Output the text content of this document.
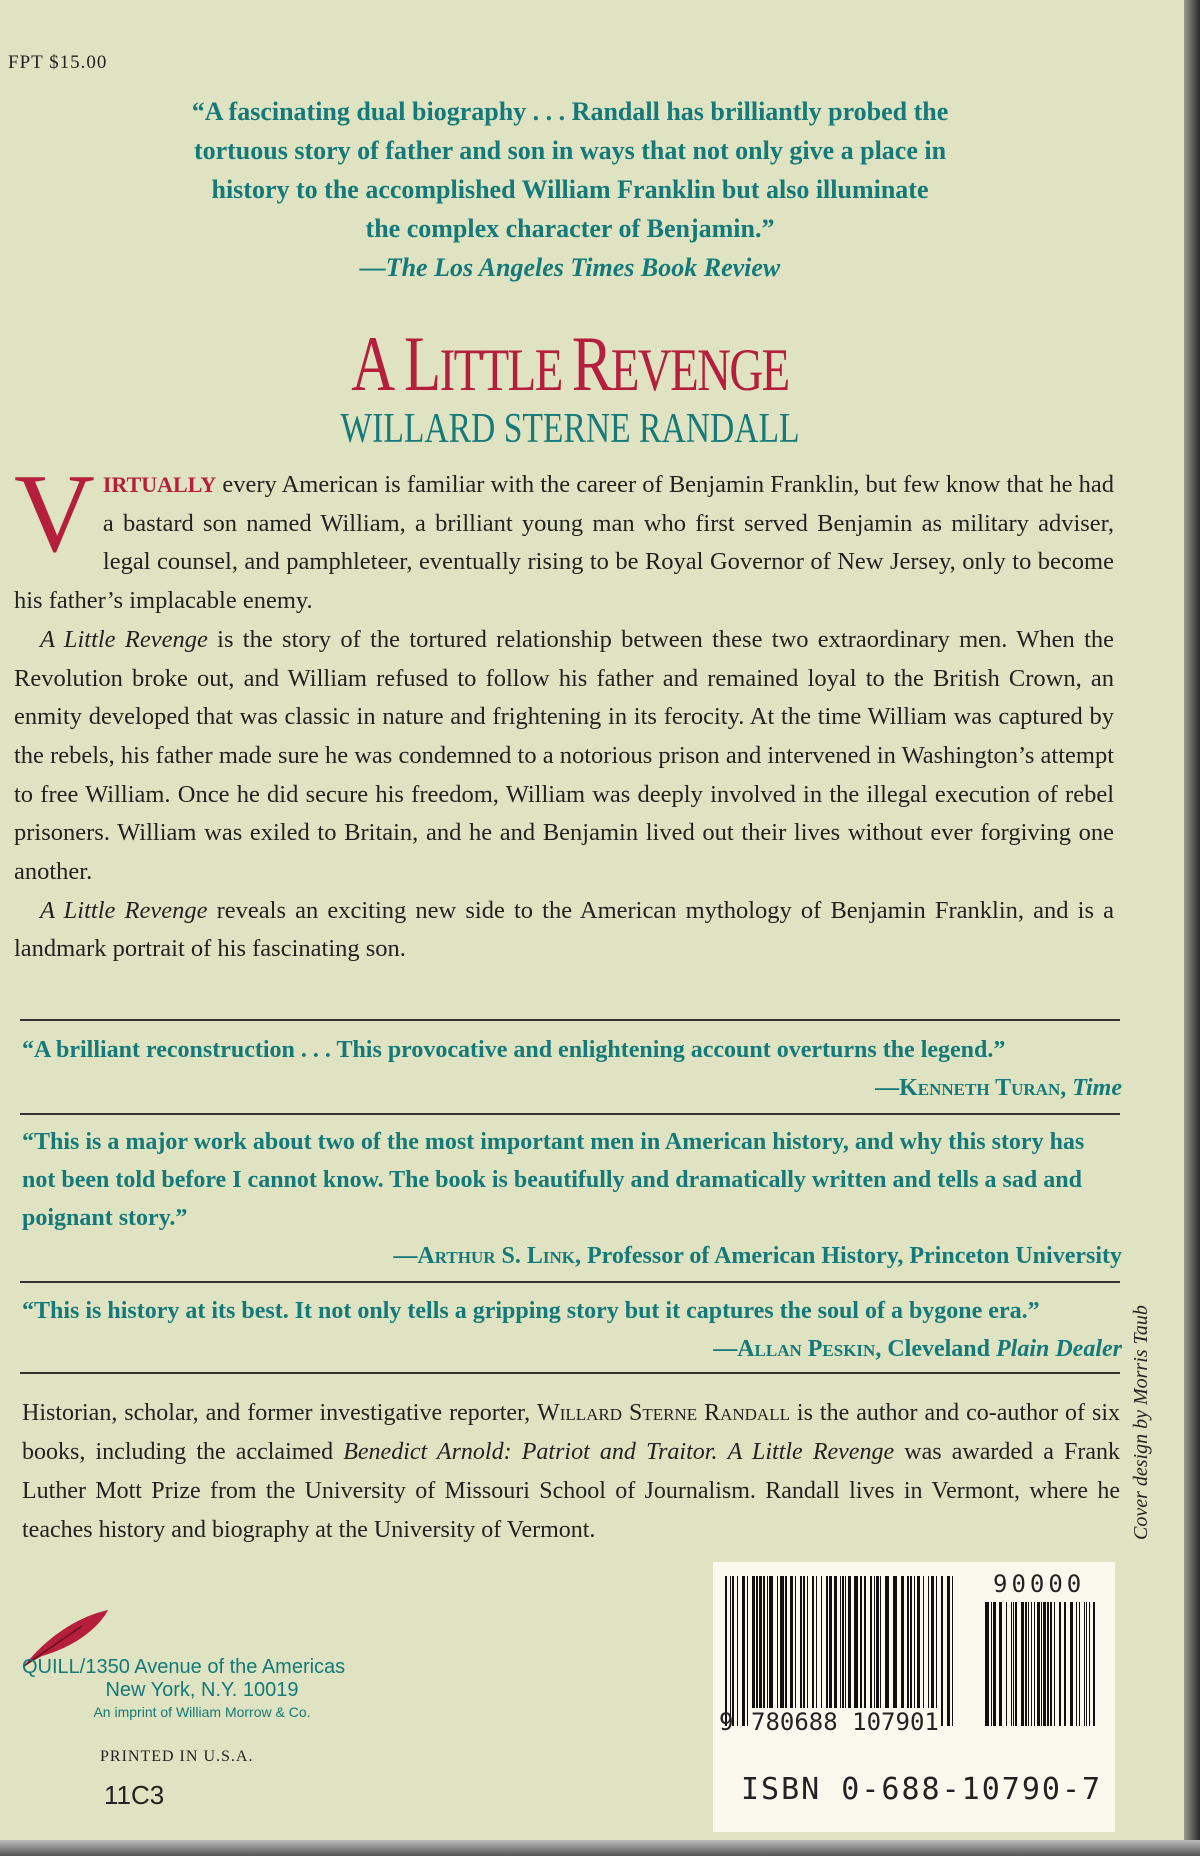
FPT $15.00
“A fascinating dual biography . . . Randall has brilliantly probed the
tortuous story of father and son in ways that not only give a place in
history to the accomplished William Franklin but also illuminate
the complex character of Benjamin.”
—The Los Angeles Times Book Review
A LITTLE REVENGE
WILLARD STERNE RANDALL

VIRTUALLY every American is familiar with the career of Benjamin Franklin, but few know that he had a bastard son named William, a brilliant young man who first served Benjamin as military adviser, legal counsel, and pamphleteer, eventually rising to be Royal Governor of New Jersey, only to become his father’s implacable enemy.

A Little Revenge is the story of the tortured relationship between these two extraordinary men. When the Revolution broke out, and William refused to follow his father and remained loyal to the British Crown, an enmity developed that was classic in nature and frightening in its ferocity. At the time William was captured by the rebels, his father made sure he was condemned to a notorious prison and intervened in Washington’s attempt to free William. Once he did secure his freedom, William was deeply involved in the illegal execution of rebel prisoners. William was exiled to Britain, and he and Benjamin lived out their lives without ever forgiving one another.

A Little Revenge reveals an exciting new side to the American mythology of Benjamin Franklin, and is a landmark portrait of his fascinating son.

“A brilliant reconstruction . . . This provocative and enlightening account overturns the legend.”
—Kenneth Turan, Time
“This is a major work about two of the most important men in American history, and why this story has not been told before I cannot know. The book is beautifully and dramatically written and tells a sad and poignant story.”
—Arthur S. Link, Professor of American History, Princeton University
“This is history at its best. It not only tells a gripping story but it captures the soul of a bygone era.”
—Allan Peskin, Cleveland Plain Dealer
Historian, scholar, and former investigative reporter, Willard Sterne Randall is the author and co-author of six books, including the acclaimed Benedict Arnold: Patriot and Traitor. A Little Revenge was awarded a Frank Luther Mott Prize from the University of Missouri School of Journalism. Randall lives in Vermont, where he teaches history and biography at the University of Vermont.	Cover design by Morris Taub
QUILL/1350 Avenue of the Americas
New York, N.Y. 10019
An imprint of William Morrow & Co.
PRINTED IN U.S.A.
11C3
9 780688 107901
90000
ISBN 0-688-10790-7
